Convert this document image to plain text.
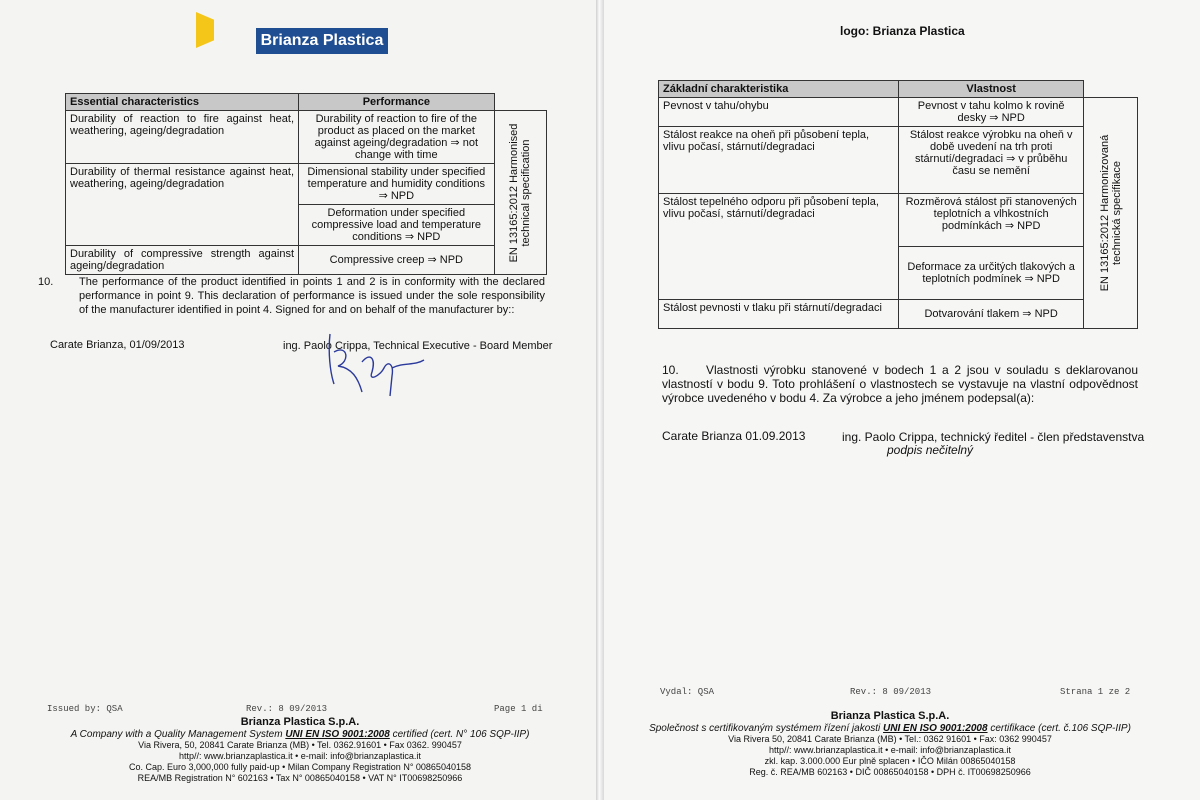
Brianza Plastica
Essential characteristics	Performance	
Durability of reaction to fire against heat, weathering, ageing/degradation	Durability of reaction to fire of the product as placed on the market against ageing/degradation ⇒ not change with time	EN 13165:2012 Harmonised technical specification

Durability of thermal resistance against heat, weathering, ageing/degradation	Dimensional stability under specified temperature and humidity conditions ⇒ NPD	
	Deformation under specified compressive load and temperature conditions ⇒ NPD	
Durability of compressive strength against ageing/degradation	Compressive creep ⇒ NPD	
10. The performance of the product identified in points 1 and 2 is in conformity with the declared performance in point 9. This declaration of performance is issued under the sole responsibility of the manufacturer identified in point 4. Signed for and on behalf of the manufacturer by::
Carate Brianza, 01/09/2013	ing. Paolo Crippa, Technical Executive - Board Member
Issued by: QSA	Rev.: 8 09/2013	Page 1 di
Brianza Plastica S.p.A.
A Company with a Quality Management System UNI EN ISO 9001:2008 certified (cert. N° 106 SQP-IIP)
Via Rivera, 50, 20841 Carate Brianza (MB) • Tel. 0362.91601 • Fax 0362. 990457
http//: www.brianzaplastica.it • e-mail: info@brianzaplastica.it
Co. Cap. Euro 3,000,000 fully paid-up • Milan Company Registration N° 00865040158
REA/MB Registration N° 602163 • Tax N° 00865040158 • VAT N° IT00698250966
logo: Brianza Plastica
Základní charakteristika	Vlastnost	
Pevnost v tahu/ohybu	Pevnost v tahu kolmo k rovině desky ⇒ NPD	EN 13165:2012 Harmonizovaná technická specifikace

Stálost reakce na oheň při působení tepla, vlivu počasí, stárnutí/degradaci	Stálost reakce výrobku na oheň v době uvedení na trh proti stárnutí/degradaci ⇒ v průběhu času se nemění	
Stálost tepelného odporu při působení tepla, vlivu počasí, stárnutí/degradaci	Rozměrová stálost při stanovených teplotních a vlhkostních podmínkách ⇒ NPD	
	Deformace za určitých tlakových a teplotních podmínek ⇒ NPD	
Stálost pevnosti v tlaku při stárnutí/degradaci	Dotvarování tlakem ⇒ NPD	
10.	Vlastnosti výrobku stanovené v bodech 1 a 2 jsou v souladu s deklarovanou vlastností v bodu 9. Toto prohlášení o vlastnostech se vystavuje na vlastní odpovědnost výrobce uvedeného v bodu 4. Za výrobce a jeho jménem podepsal(a):
Carate Brianza 01.09.2013	ing. Paolo Crippa, technický ředitel - člen představenstva
podpis nečitelný
Vydal: QSA	Rev.: 8 09/2013	Strana 1 ze 2
Brianza Plastica S.p.A.
Společnost s certifikovaným systémem řízení jakosti UNI EN ISO 9001:2008 certifikace (cert. č.106 SQP-IIP)
Via Rivera 50, 20841 Carate Brianza (MB) • Tel.: 0362 91601 • Fax: 0362 990457
http//: www.brianzaplastica.it • e-mail: info@brianzaplastica.it
zkl. kap. 3.000.000 Eur plně splacen • IČO Milán 00865040158
Reg. č. REA/MB 602163 • DIČ 00865040158 • DPH č. IT00698250966
